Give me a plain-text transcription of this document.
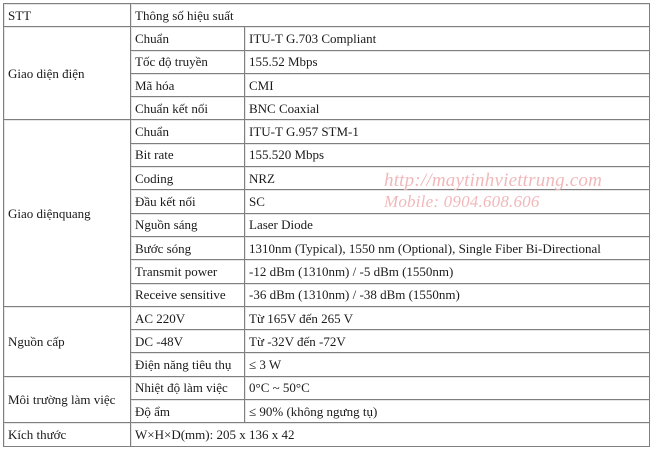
STT	Thông số hiệu suất	
Giao diện điện	Chuẩn	ITU-T G.703 Compliant
	Tốc độ truyền	155.52 Mbps
	Mã hóa	CMI
	Chuẩn kết nối	BNC Coaxial
Giao diệnquang	Chuẩn	ITU-T G.957 STM-1
	Bit rate	155.520 Mbps
	Coding	NRZ
	Đầu kết nối	SC
	Nguồn sáng	Laser Diode
	Bước sóng	1310nm (Typical), 1550 nm (Optional), Single Fiber Bi-Directional
	Transmit power	-12 dBm (1310nm) / -5 dBm (1550nm)
	Receive sensitive	-36 dBm (1310nm) / -38 dBm (1550nm)
Nguồn cấp	AC 220V	Từ 165V đến 265 V
	DC -48V	Từ -32V đến -72V
	Điện năng tiêu thụ	≤ 3 W
Môi trường làm việc	Nhiệt độ làm việc	0°C ~ 50°C
	Độ ẩm	≤ 90% (không ngưng tụ)
Kích thước	W×H×D(mm): 205 x 136 x 42	
http://maytinhviettrung.com
Mobile: 0904.608.606
